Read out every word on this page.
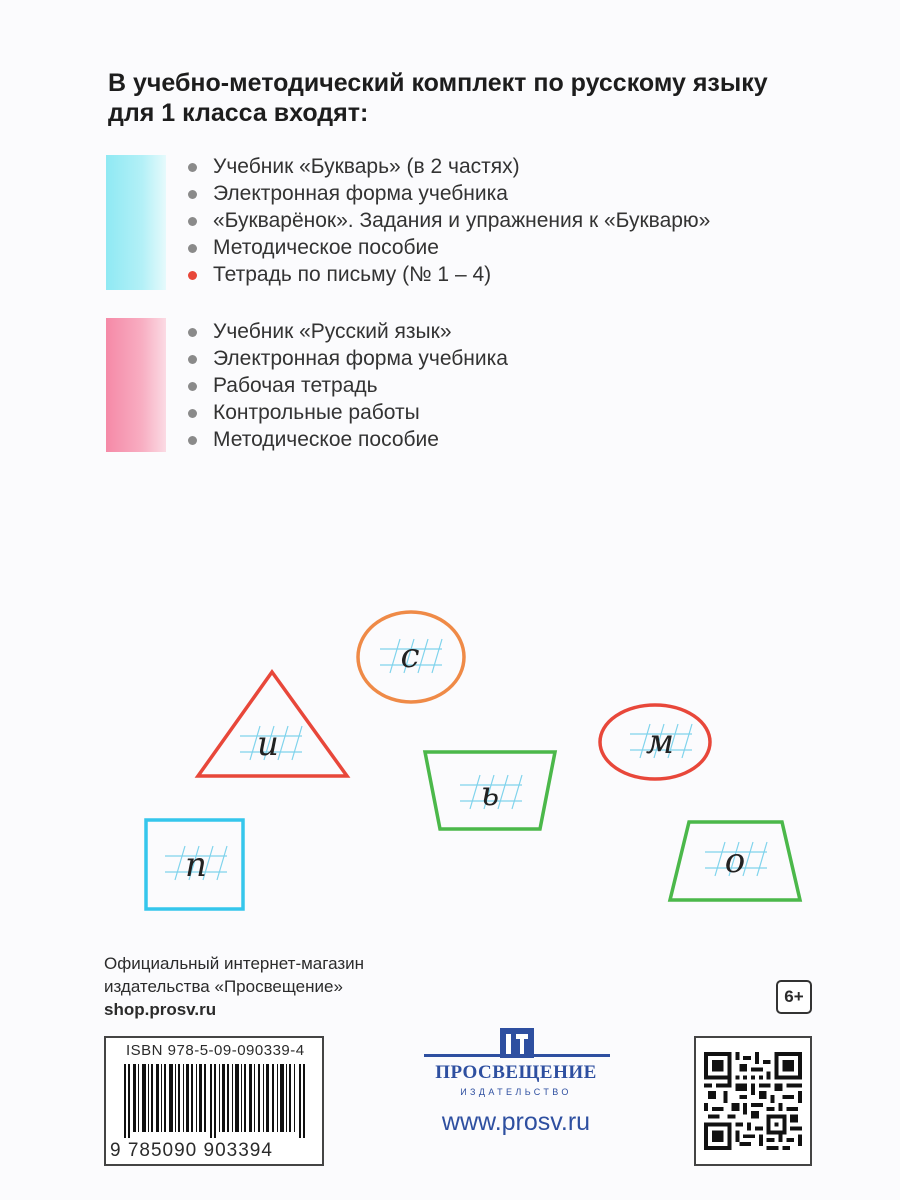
В учебно-методический комплект по русскому языку
для 1 класса входят:
Учебник «Букварь» (в 2 частях)
Электронная форма учебника
«Букварёнок». Задания и упражнения к «Букварю»
Методическое пособие
Тетрадь по письму (№ 1 – 4)
Учебник «Русский язык»
Электронная форма учебника
Рабочая тетрадь
Контрольные работы
Методическое пособие
с
и	м
ь
п	о
Официальный интернет-магазин
издательства «Просвещение»
shop.prosv.ru
6+
ISBN 978-5-09-090339-4
9 785090 903394
ПРОСВЕЩЕНИЕ
ИЗДАТЕЛЬСТВО
www.prosv.ru
